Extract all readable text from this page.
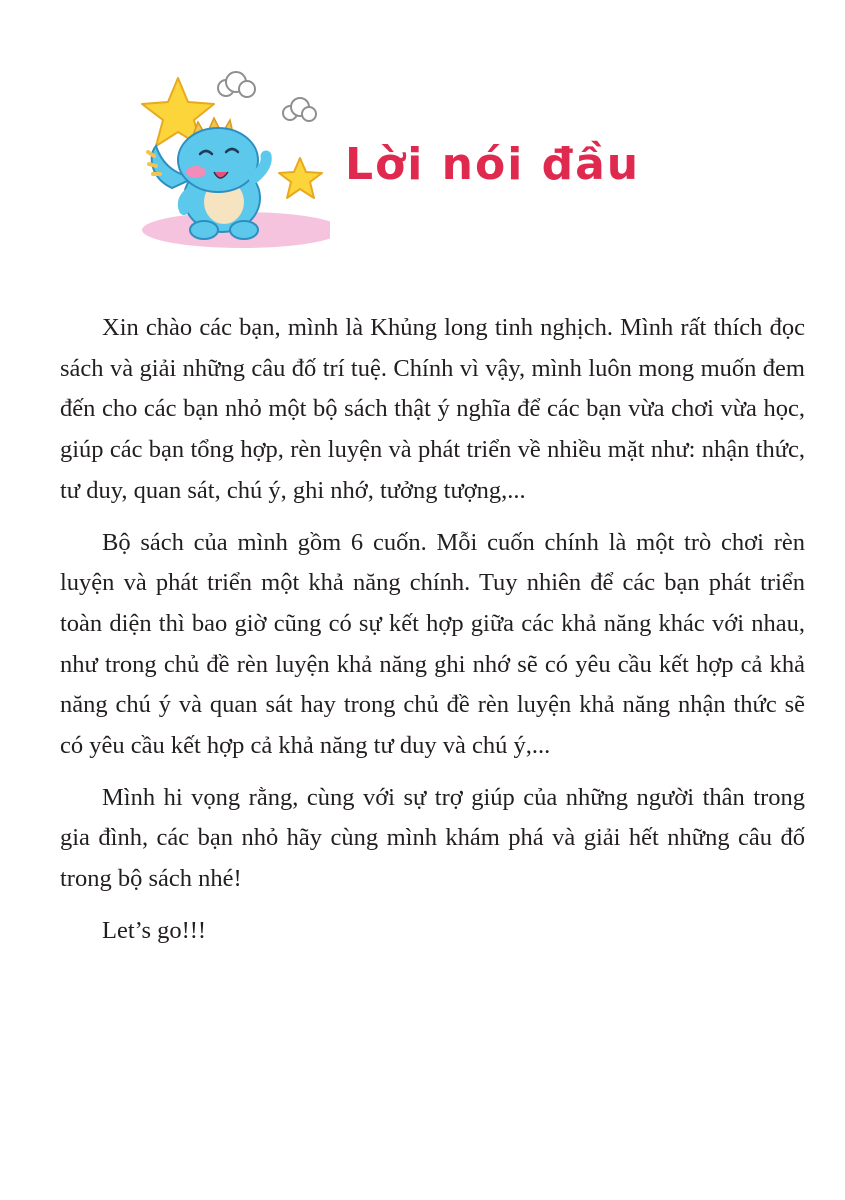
Lời nói đầu

Xin chào các bạn, mình là Khủng long tinh nghịch. Mình rất thích đọc sách và giải những câu đố trí tuệ. Chính vì vậy, mình luôn mong muốn đem đến cho các bạn nhỏ một bộ sách thật ý nghĩa để các bạn vừa chơi vừa học, giúp các bạn tổng hợp, rèn luyện và phát triển về nhiều mặt như: nhận thức, tư duy, quan sát, chú ý, ghi nhớ, tưởng tượng,...

Bộ sách của mình gồm 6 cuốn. Mỗi cuốn chính là một trò chơi rèn luyện và phát triển một khả năng chính. Tuy nhiên để các bạn phát triển toàn diện thì bao giờ cũng có sự kết hợp giữa các khả năng khác với nhau, như trong chủ đề rèn luyện khả năng ghi nhớ sẽ có yêu cầu kết hợp cả khả năng chú ý và quan sát hay trong chủ đề rèn luyện khả năng nhận thức sẽ có yêu cầu kết hợp cả khả năng tư duy và chú ý,...

Mình hi vọng rằng, cùng với sự trợ giúp của những người thân trong gia đình, các bạn nhỏ hãy cùng mình khám phá và giải hết những câu đố trong bộ sách nhé!

Let’s go!!!
